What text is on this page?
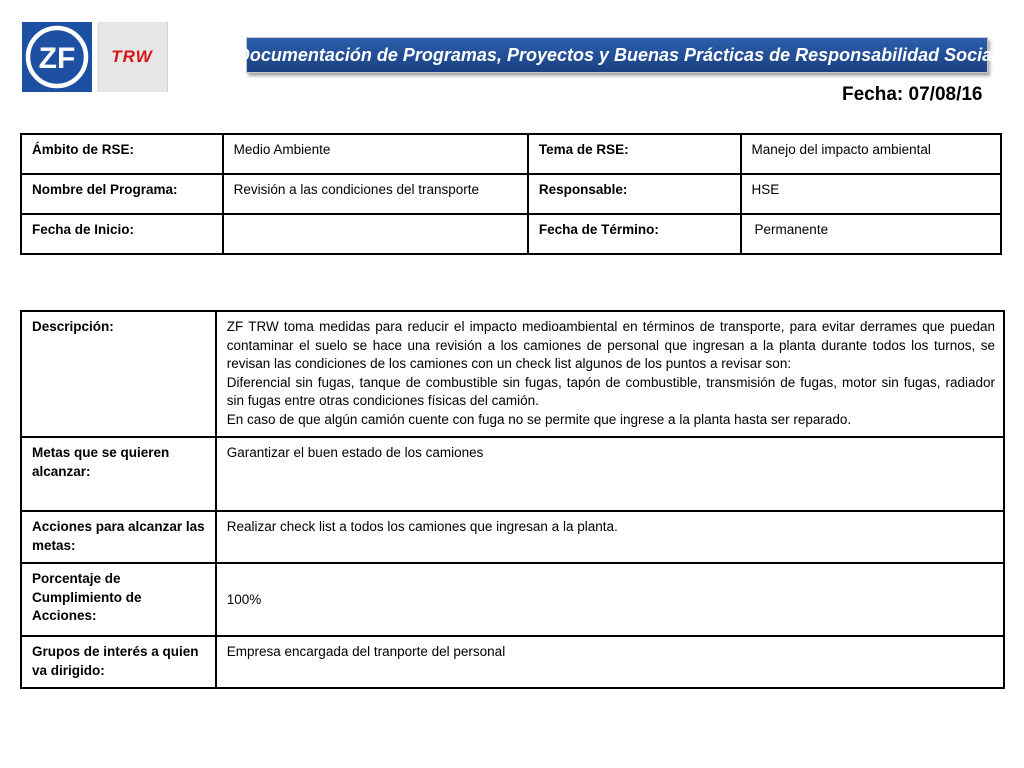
ZF TRW	Documentación de Programas, Proyectos y Buenas Prácticas de Responsabilidad Social
Fecha: 07/08/16
Ámbito de RSE:	Medio Ambiente	Tema de RSE:	Manejo del impacto ambiental
Nombre del Programa:	Revisión a las condiciones del transporte	Responsable:	HSE
Fecha de Inicio:		Fecha de Término:	Permanente
Descripción:	ZF TRW toma medidas para reducir el impacto medioambiental en términos de transporte, para evitar derrames que puedan contaminar el suelo se hace una revisión a los camiones de personal que ingresan a la planta durante todos los turnos, se revisan las condiciones de los camiones con un check list algunos de los puntos a revisar son:
Diferencial sin fugas, tanque de combustible sin fugas, tapón de combustible, transmisión de fugas, motor sin fugas, radiador sin fugas entre otras condiciones físicas del camión.
En caso de que algún camión cuente con fuga no se permite que ingrese a la planta hasta ser reparado.

Metas que se quieren alcanzar:	Garantizar el buen estado de los camiones
Acciones para alcanzar las metas:	Realizar check list a todos los camiones que ingresan a la planta.
Porcentaje de Cumplimiento de Acciones:	100%
Grupos de interés a quien va dirigido:	Empresa encargada del tranporte del personal
